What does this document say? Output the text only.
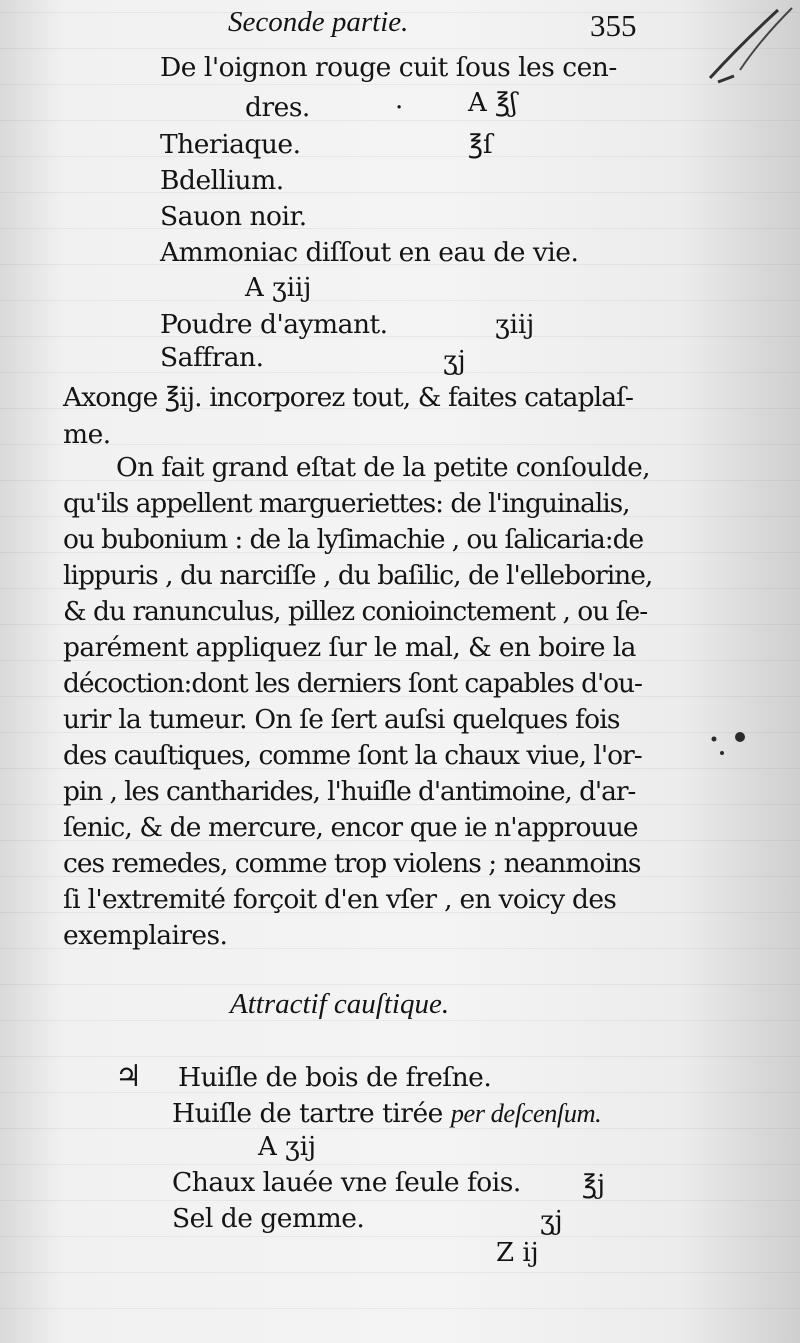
Seconde partie.	355
De l'oignon rouge cuit ſous les cen-
dres.	· A ℥ʃ
Theriaque.	℥ſ
Bdellium.
Sauon noir.
Ammoniac diſſout en eau de vie.
A ʒiij
Poudre d'aymant.	ʒiij
Saffran.	ʒj
Axonge ℥ij. incorporez tout, & faites cataplaſ-
me.
On fait grand eſtat de la petite conſoulde,
qu'ils appellent margueriettes: de l'inguinalis,
ou bubonium : de la lyſimachie , ou ſalicaria:de
lippuris , du narciſſe , du baſilic, de l'elleborine,
& du ranunculus, pillez conioinctement , ou ſe-
parément appliquez ſur le mal, & en boire la
décoction:dont les derniers ſont capables d'ou-
urir la tumeur. On ſe ſert auſsi quelques fois
des cauſtiques, comme ſont la chaux viue, l'or-
pin , les cantharides, l'huiſle d'antimoine, d'ar-
ſenic, & de mercure, encor que ie n'approuue
ces remedes, comme trop violens ; neanmoins
ſi l'extremité forçoit d'en vſer , en voicy des
exemplaires.
Attractif cauſtique.
♃ Huiſle de bois de freſne.
Huiſle de tartre tirée per deſcenſum.
A ʒij
Chaux lauée vne ſeule fois. ℥j
Sel de gemme.	ʒj
Z ij
